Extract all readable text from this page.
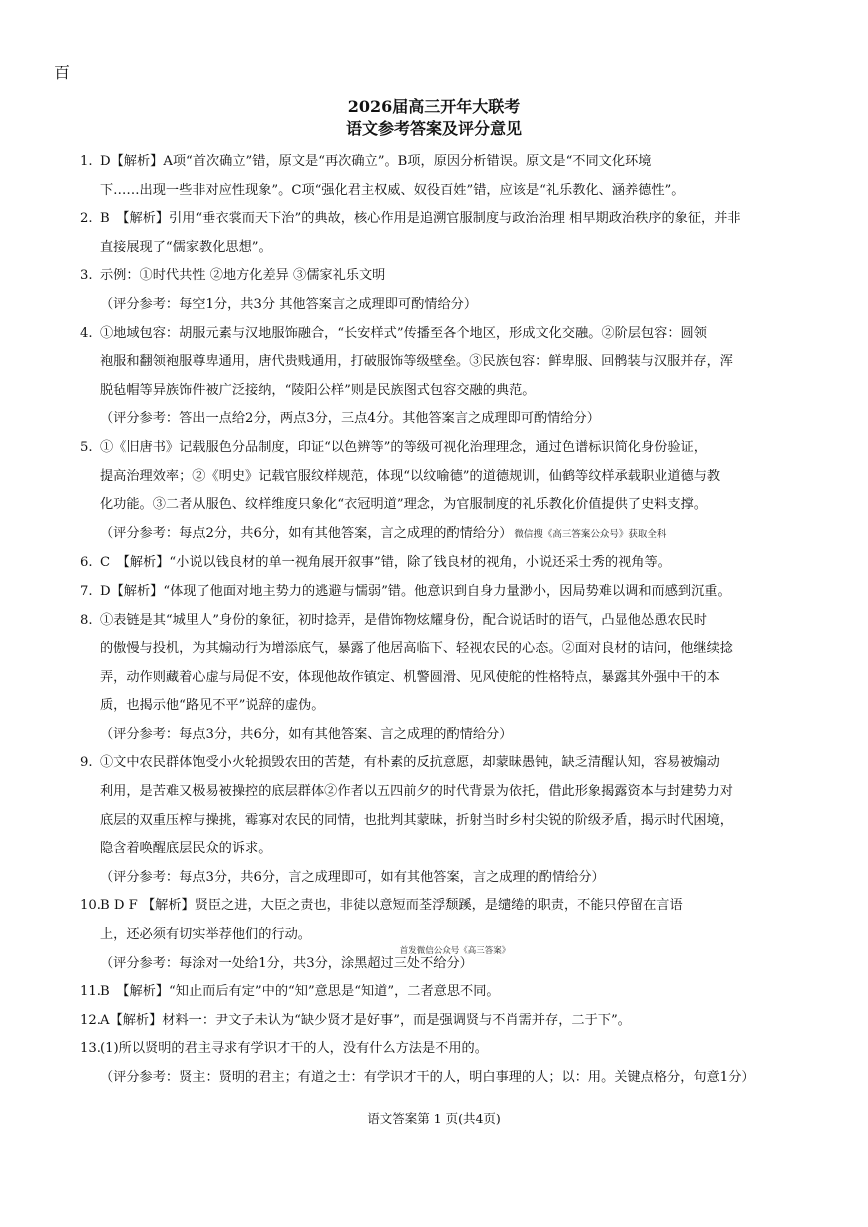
百

2026届高三开年大联考

语文参考答案及评分意见

1. D【解析】A项“首次确立”错，原文是“再次确立”。B项，原因分析错误。原文是“不同文化环境
下……出现一些非对应性现象”。C项“强化君主权威、奴役百姓”错，应该是“礼乐教化、涵养德性”。
2. B　【解析】引用“垂衣裳而天下治”的典故，核心作用是追溯官服制度与政治治理 相早期政治秩序的象征，并非
直接展现了“儒家教化思想”。
3. 示例：①时代共性 ②地方化差异 ③儒家礼乐文明
（评分参考：每空1分，共3分 其他答案言之成理即可酌情给分）
4. ①地域包容：胡服元素与汉地服饰融合，“长安样式”传播至各个地区，形成文化交融。②阶层包容：圆领
袍服和翻领袍服尊卑通用，唐代贵贱通用，打破服饰等级壁垒。③民族包容：鲜卑服、回鹘装与汉服并存，浑
脱毡帽等异族饰件被广泛接纳，“陵阳公样”则是民族图式包容交融的典范。
（评分参考：答出一点给2分，两点3分，三点4分。其他答案言之成理即可酌情给分）
5. ①《旧唐书》记载服色分品制度，印证“以色辨等”的等级可视化治理理念，通过色谱标识简化身份验证，
提高治理效率；②《明史》记载官服纹样规范，体现“以纹喻德”的道德规训，仙鹤等纹样承载职业道德与教
化功能。③二者从服色、纹样维度只象化“衣冠明道”理念，为官服制度的礼乐教化价值提供了史料支撑。
（评分参考：每点2分，共6分，如有其他答案，言之成理的酌情给分） 微信搜《高三答案公众号》获取全科
6. C　【解析】“小说以钱良材的单一视角展开叙事”错，除了钱良材的视角，小说还采士秀的视角等。
7. D【解析】“体现了他面对地主势力的逃避与懦弱”错。他意识到自身力量渺小，因局势难以调和而感到沉重。
8. ①表链是其“城里人”身份的象征，初时捻弄，是借饰物炫耀身份，配合说话时的语气，凸显他怂恿农民时
的傲慢与投机，为其煽动行为增添底气，暴露了他居高临下、轻视农民的心态。②面对良材的诘问，他继续捻
弄，动作则藏着心虚与局促不安，体现他故作镇定、机警圆滑、见风使舵的性格特点，暴露其外强中干的本
质，也揭示他“路见不平”说辞的虚伪。
（评分参考：每点3分，共6分，如有其他答案、言之成理的酌情给分）
9. ①文中农民群体饱受小火轮损毁农田的苦楚，有朴素的反抗意愿，却蒙昧愚钝，缺乏清醒认知，容易被煽动
利用，是苦难又极易被操控的底层群体②作者以五四前夕的时代背景为依托，借此形象揭露资本与封建势力对
底层的双重压榨与操挑，霉寡对农民的同情，也批判其蒙昧，折射当时乡村尖锐的阶级矛盾，揭示时代困境，
隐含着唤醒底层民众的诉求。
（评分参考：每点3分，共6分，言之成理即可，如有其他答案，言之成理的酌情给分）
10. B D F 【解析】贤臣之进，大臣之责也，非徒以意短而荃浮颓蹊，是缱绻的职责，不能只停留在言语
上，还必须有切实举荐他们的行动。
首发微信公众号《高三答案》
（评分参考：每涂对一处给1分，共3分，涂黑超过三处不给分）
11. B　【解析】“知止而后有定”中的“知”意思是“知道”，二者意思不同。
12. A【解析】材料一：尹文子未认为“缺少贤才是好事”，而是强调贤与不肖需并存，二于下”。
13. (1)所以贤明的君主寻求有学识才干的人，没有什么方法是不用的。
（评分参考：贤主：贤明的君主；有道之士：有学识才干的人，明白事理的人；以：用。关键点格分，句意1分）
语文答案第 1 页(共4页)
